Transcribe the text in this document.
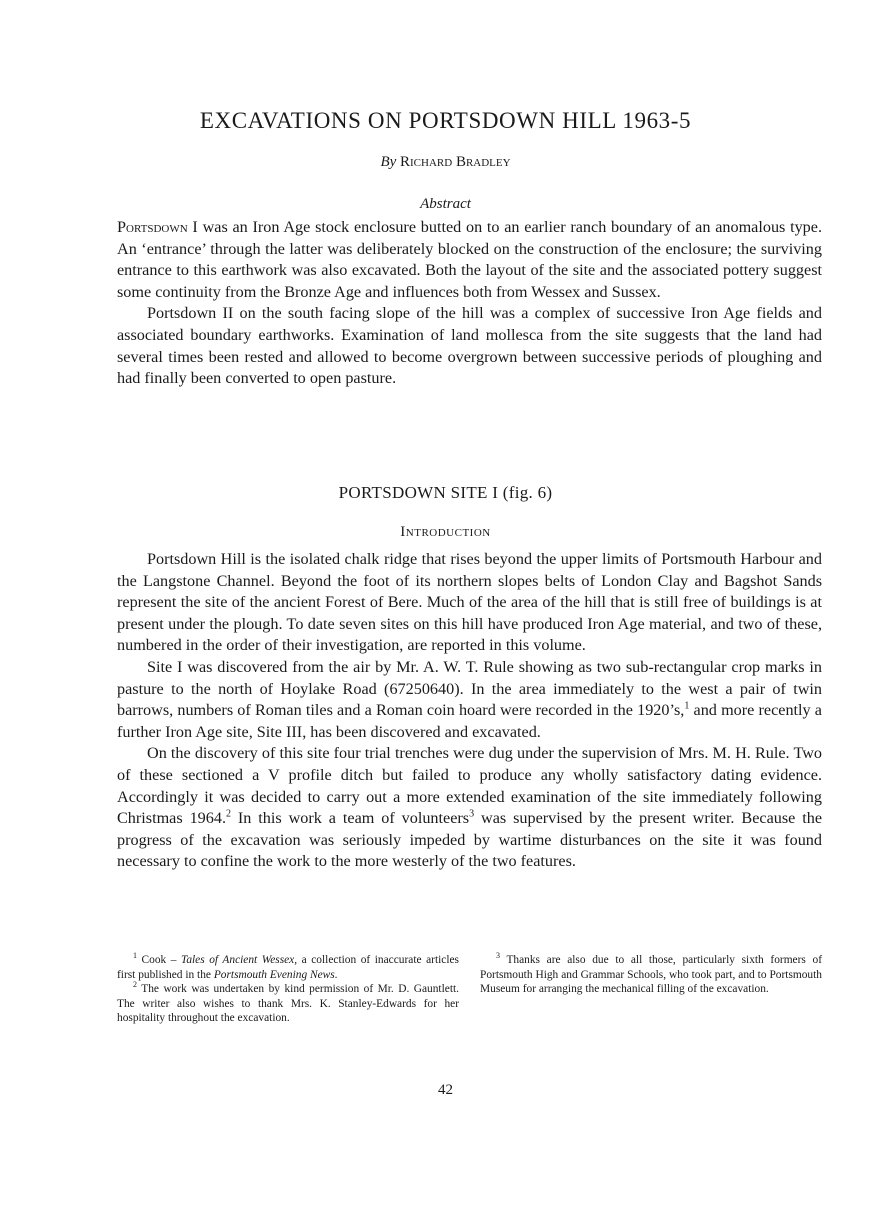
EXCAVATIONS ON PORTSDOWN HILL 1963-5
By Richard Bradley
Abstract

Portsdown I was an Iron Age stock enclosure butted on to an earlier ranch boundary of an anomalous type. An ‘entrance’ through the latter was deliberately blocked on the construction of the enclosure; the surviving entrance to this earthwork was also excavated. Both the layout of the site and the associated pottery suggest some continuity from the Bronze Age and influences both from Wessex and Sussex.

Portsdown II on the south facing slope of the hill was a complex of successive Iron Age fields and associated boundary earthworks. Examination of land mollesca from the site suggests that the land had several times been rested and allowed to become overgrown between successive periods of ploughing and had finally been converted to open pasture.

PORTSDOWN SITE I (fig. 6)
Introduction

Portsdown Hill is the isolated chalk ridge that rises beyond the upper limits of Portsmouth Harbour and the Langstone Channel. Beyond the foot of its northern slopes belts of London Clay and Bagshot Sands represent the site of the ancient Forest of Bere. Much of the area of the hill that is still free of buildings is at present under the plough. To date seven sites on this hill have produced Iron Age material, and two of these, numbered in the order of their investigation, are reported in this volume.

Site I was discovered from the air by Mr. A. W. T. Rule showing as two sub-rectangular crop marks in pasture to the north of Hoylake Road (67250640). In the area immediately to the west a pair of twin barrows, numbers of Roman tiles and a Roman coin hoard were recorded in the 1920’s,$^1$ and more recently a further Iron Age site, Site III, has been discovered and excavated.

On the discovery of this site four trial trenches were dug under the supervision of Mrs. M. H. Rule. Two of these sectioned a V profile ditch but failed to produce any wholly satisfactory dating evidence. Accordingly it was decided to carry out a more extended examination of the site immediately following Christmas 1964.$^2$ In this work a team of volunteers$^3$ was supervised by the present writer. Because the progress of the excavation was seriously impeded by wartime disturbances on the site it was found necessary to confine the work to the more westerly of the two features.

$^1$ Cook – Tales of Ancient Wessex, a collection of inaccurate articles first published in the Portsmouth Evening News.

$^2$ The work was undertaken by kind permission of Mr. D. Gauntlett. The writer also wishes to thank Mrs. K. Stanley-Edwards for her hospitality throughout the excavation.

$^3$ Thanks are also due to all those, particularly sixth formers of Portsmouth High and Grammar Schools, who took part, and to Portsmouth Museum for arranging the mechanical filling of the excavation.

42
